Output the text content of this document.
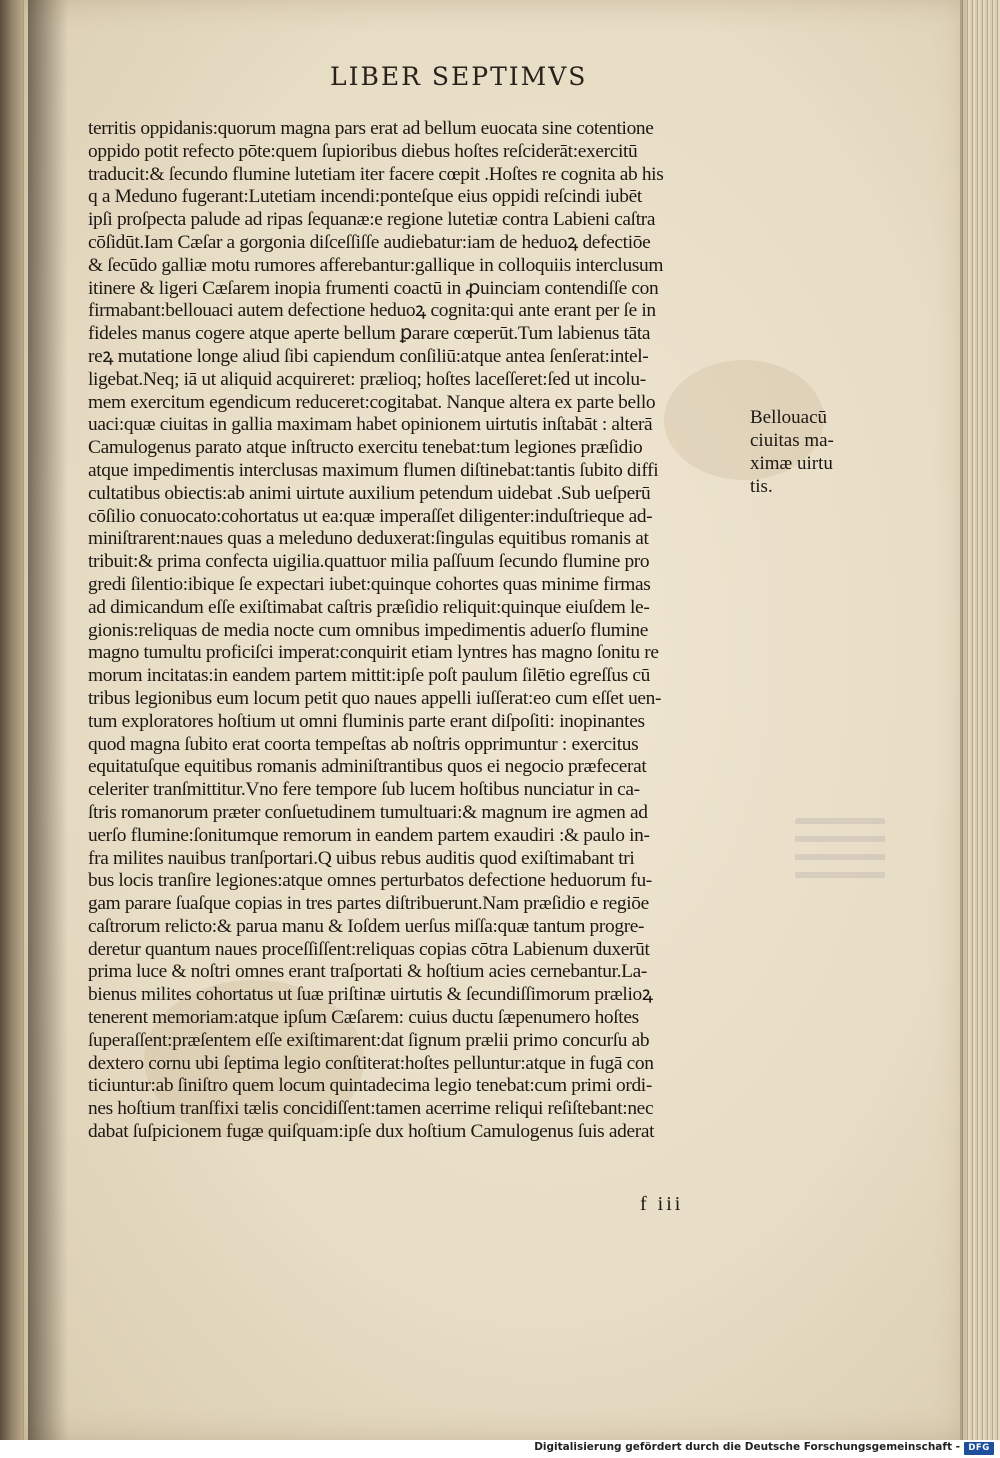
LIBER SEPTIMVS
territis oppidanis:quorum magna pars erat ad bellum euocata sine cotentione
oppido potit refecto pōte:quem ſupioribus diebus hoſtes reſciderāt:exercitū
traducit:& ſecundo flumine lutetiam iter facere cœpit .Hoſtes re cognita ab his
q a Meduno fugerant:Lutetiam incendi:ponteſque eius oppidi reſcindi iubēt
ipſi proſpecta palude ad ripas ſequanæ:e regione lutetiæ contra Labieni caſtra
cōſidūt.Iam Cæſar a gorgonia diſceſſiſſe audiebatur:iam de heduoꝝ defectiōe
& ſecūdo galliæ motu rumores afferebantur:gallique in colloquiis interclusum
itinere & ligeri Cæſarem inopia frumenti coactū in ꝓuinciam contendiſſe con
firmabant:bellouaci autem defectione heduoꝝ cognita:qui ante erant per ſe in
fideles manus cogere atque aperte bellum ꝑarare cœperūt.Tum labienus tāta
reꝝ mutatione longe aliud ſibi capiendum conſiliū:atque antea ſenſerat:intel-
ligebat.Neq; iā ut aliquid acquireret: prælioq; hoſtes laceſſeret:ſed ut incolu-
mem exercitum egendicum reduceret:cogitabat. Nanque altera ex parte bello
uaci:quæ ciuitas in gallia maximam habet opinionem uirtutis inſtabāt : alterā
Camulogenus parato atque inſtructo exercitu tenebat:tum legiones præſidio
atque impedimentis interclusas maximum flumen diſtinebat:tantis ſubito diffi
cultatibus obiectis:ab animi uirtute auxilium petendum uidebat .Sub ueſperū
cōſilio conuocato:cohortatus ut ea:quæ imperaſſet diligenter:induſtrieque ad-
miniſtrarent:naues quas a meleduno deduxerat:ſingulas equitibus romanis at
tribuit:& prima confecta uigilia.quattuor milia paſſuum ſecundo flumine pro
gredi ſilentio:ibique ſe expectari iubet:quinque cohortes quas minime firmas
ad dimicandum eſſe exiſtimabat caſtris præſidio reliquit:quinque eiuſdem le-
gionis:reliquas de media nocte cum omnibus impedimentis aduerſo flumine
magno tumultu proficiſci imperat:conquirit etiam lyntres has magno ſonitu re
morum incitatas:in eandem partem mittit:ipſe poſt paulum ſilētio egreſſus cū
tribus legionibus eum locum petit quo naues appelli iuſſerat:eo cum eſſet uen-
tum exploratores hoſtium ut omni fluminis parte erant diſpoſiti: inopinantes
quod magna ſubito erat coorta tempeſtas ab noſtris opprimuntur : exercitus
equitatuſque equitibus romanis adminiſtrantibus quos ei negocio præfecerat
celeriter tranſmittitur.Vno fere tempore ſub lucem hoſtibus nunciatur in ca-
ſtris romanorum præter conſuetudinem tumultuari:& magnum ire agmen ad
uerſo flumine:ſonitumque remorum in eandem partem exaudiri :& paulo in-
fra milites nauibus tranſportari.Q uibus rebus auditis quod exiſtimabant tri
bus locis tranſire legiones:atque omnes perturbatos defectione heduorum fu-
gam parare ſuaſque copias in tres partes diſtribuerunt.Nam præſidio e regiōe
caſtrorum relicto:& parua manu & Ioſdem uerſus miſſa:quæ tantum progre-
deretur quantum naues proceſſiſſent:reliquas copias cōtra Labienum duxerūt
prima luce & noſtri omnes erant traſportati & hoſtium acies cernebantur.La-
bienus milites cohortatus ut ſuæ priſtinæ uirtutis & ſecundiſſimorum prælioꝝ
tenerent memoriam:atque ipſum Cæſarem: cuius ductu ſæpenumero hoſtes
ſuperaſſent:præſentem eſſe exiſtimarent:dat ſignum prælii primo concurſu ab
dextero cornu ubi ſeptima legio conſtiterat:hoſtes pelluntur:atque in fugā con
ticiuntur:ab ſiniſtro quem locum quintadecima legio tenebat:cum primi ordi-
nes hoſtium tranſfixi tælis concidiſſent:tamen acerrime reliqui reſiſtebant:nec
dabat ſuſpicionem fugæ quiſquam:ipſe dux hoſtium Camulogenus ſuis aderat
Bellouacū
ciuitas ma-
ximæ uirtu
tis.
f iii
Digitalisierung gefördert durch die Deutsche Forschungsgemeinschaft - DFG
